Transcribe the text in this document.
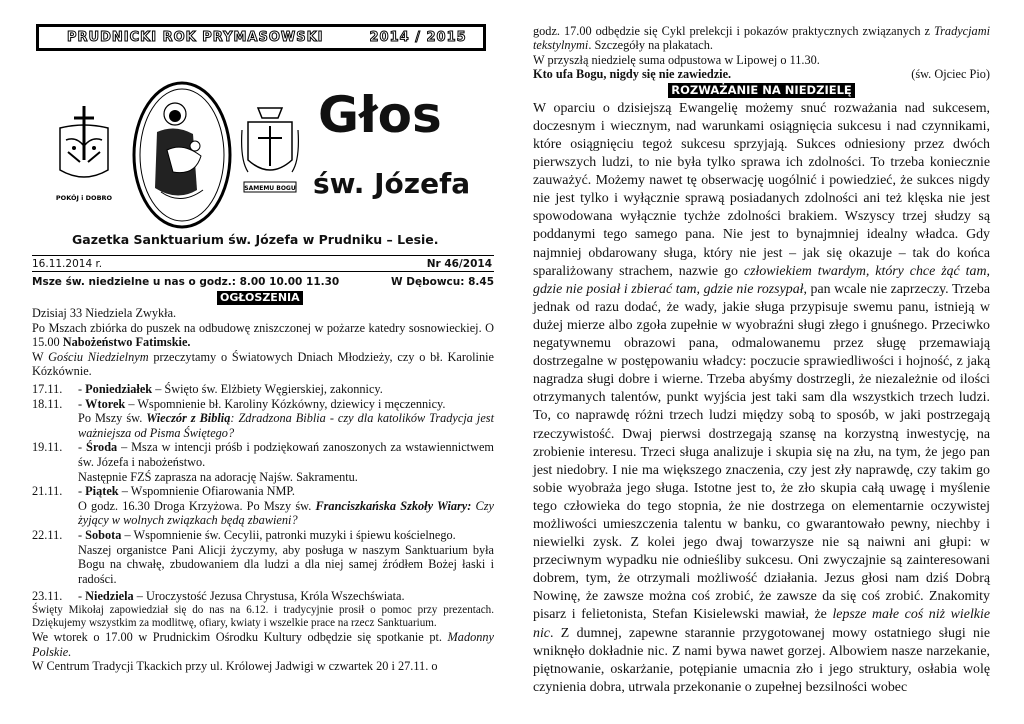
PRUDNICKI ROK PRYMASOWSKI	2014 / 2015
POKÓJ i DOBRO
SAMEMU BOGU
Głos
św. Józefa
Gazetka Sanktuarium św. Józefa w Prudniku – Lesie.
16.11.2014 r.	Nr 46/2014
Msze św. niedzielne u nas o godz.: 8.00 10.00 11.30	W Dębowcu: 8.45
OGŁOSZENIA

Dzisiaj 33 Niedziela Zwykła.

Po Mszach zbiórka do puszek na odbudowę zniszczonej w pożarze katedry sosnowieckiej. O 15.00 Nabożeństwo Fatimskie.

W Gościu Niedzielnym przeczytamy o Światowych Dniach Młodzieży, czy o bł. Karolinie Kózkównie.

17.11.	- Poniedziałek – Święto św. Elżbiety Węgierskiej, zakonnicy.
18.11.	- Wtorek – Wspomnienie bł. Karoliny Kózkówny, dziewicy i męczennicy.

Po Mszy św. Wieczór z Biblią: Zdradzona Biblia - czy dla katolików Tradycja jest ważniejsza od Pisma Świętego?

19.11.	- Środa – Msza w intencji próśb i podziękowań zanoszonych za wstawiennictwem św. Józefa i nabożeństwo.

Następnie FZŚ zaprasza na adorację Najśw. Sakramentu.

21.11.	- Piątek – Wspomnienie Ofiarowania NMP.

O godz. 16.30 Droga Krzyżowa. Po Mszy św. Franciszkańska Szkoły Wiary: Czy żyjący w wolnych związkach będą zbawieni?

22.11.	- Sobota – Wspomnienie św. Cecylii, patronki muzyki i śpiewu kościelnego.

Naszej organistce Pani Alicji życzymy, aby posługa w naszym Sanktuarium była Bogu na chwałę, zbudowaniem dla ludzi a dla niej samej źródłem Bożej łaski i radości.

23.11.	- Niedziela – Uroczystość Jezusa Chrystusa, Króla Wszechświata.

Święty Mikołaj zapowiedział się do nas na 6.12. i tradycyjnie prosił o pomoc przy prezentach. Dziękujemy wszystkim za modlitwę, ofiary, kwiaty i wszelkie prace na rzecz Sanktuarium.

We wtorek o 17.00 w Prudnickim Ośrodku Kultury odbędzie się spotkanie pt. Madonny Polskie.

W Centrum Tradycji Tkackich przy ul. Królowej Jadwigi w czwartek 20 i 27.11. o

godz. 17.00 odbędzie się Cykl prelekcji i pokazów praktycznych związanych z Tradycjami tekstylnymi. Szczegóły na plakatach.

W przyszłą niedzielę suma odpustowa w Lipowej o 11.30.

Kto ufa Bogu, nigdy się nie zawiedzie.	(św. Ojciec Pio)
ROZWAŻANIE NA NIEDZIELĘ

W oparciu o dzisiejszą Ewangelię możemy snuć rozważania nad sukcesem, doczesnym i wiecznym, nad warunkami osiągnięcia sukcesu i nad czynnikami, które osiągnięciu tegoż sukcesu sprzyjają. Sukces odniesiony przez dwóch pierwszych ludzi, to nie była tylko sprawa ich zdolności. To trzeba koniecznie zauważyć. Możemy nawet tę obserwację uogólnić i powiedzieć, że sukces nigdy nie jest tylko i wyłącznie sprawą posiadanych zdolności ani też klęska nie jest spowodowana wyłącznie tychże zdolności brakiem. Wszyscy trzej słudzy są poddanymi tego samego pana. Nie jest to bynajmniej idealny władca. Gdy najmniej obdarowany sługa, który nie jest – jak się okazuje – tak do końca sparaliżowany strachem, nazwie go człowiekiem twardym, który chce żąć tam, gdzie nie posiał i zbierać tam, gdzie nie rozsypał, pan wcale nie zaprzeczy. Trzeba jednak od razu dodać, że wady, jakie sługa przypisuje swemu panu, istnieją w dużej mierze albo zgoła zupełnie w wyobraźni sługi złego i gnuśnego. Przeciwko negatywnemu obrazowi pana, odmalowanemu przez sługę przemawiają dostrzegalne w postępowaniu władcy: poczucie sprawiedliwości i hojność, z jaką nagradza sługi dobre i wierne. Trzeba abyśmy dostrzegli, że niezależnie od ilości otrzymanych talentów, punkt wyjścia jest taki sam dla wszystkich trzech ludzi. To, co naprawdę różni trzech ludzi między sobą to sposób, w jaki postrzegają rzeczywistość. Dwaj pierwsi dostrzegają szansę na korzystną inwestycję, na zrobienie interesu. Trzeci sługa analizuje i skupia się na złu, na tym, że jego pan jest niedobry. I nie ma większego znaczenia, czy jest zły naprawdę, czy takim go sobie wyobraża jego sługa. Istotne jest to, że zło skupia całą uwagę i myślenie tego człowieka do tego stopnia, że nie dostrzega on elementarnie oczywistej możliwości umieszczenia talentu w banku, co gwarantowało pewny, niechby i niewielki zysk. Z kolei jego dwaj towarzysze nie są naiwni ani głupi: w przeciwnym wypadku nie odnieśliby sukcesu. Oni zwyczajnie są zainteresowani dobrem, tym, że otrzymali możliwość działania. Jezus głosi nam dziś Dobrą Nowinę, że zawsze można coś zrobić, że zawsze da się coś zrobić. Znakomity pisarz i felietonista, Stefan Kisielewski mawiał, że lepsze małe coś niż wielkie nic. Z dumnej, zapewne starannie przygotowanej mowy ostatniego sługi nie wniknęło dokładnie nic. Z nami bywa nawet gorzej. Albowiem nasze narzekanie, piętnowanie, oskarżanie, potępianie umacnia zło i jego struktury, osłabia wolę czynienia dobra, utrwala przekonanie o zupełnej bezsilności wobec
